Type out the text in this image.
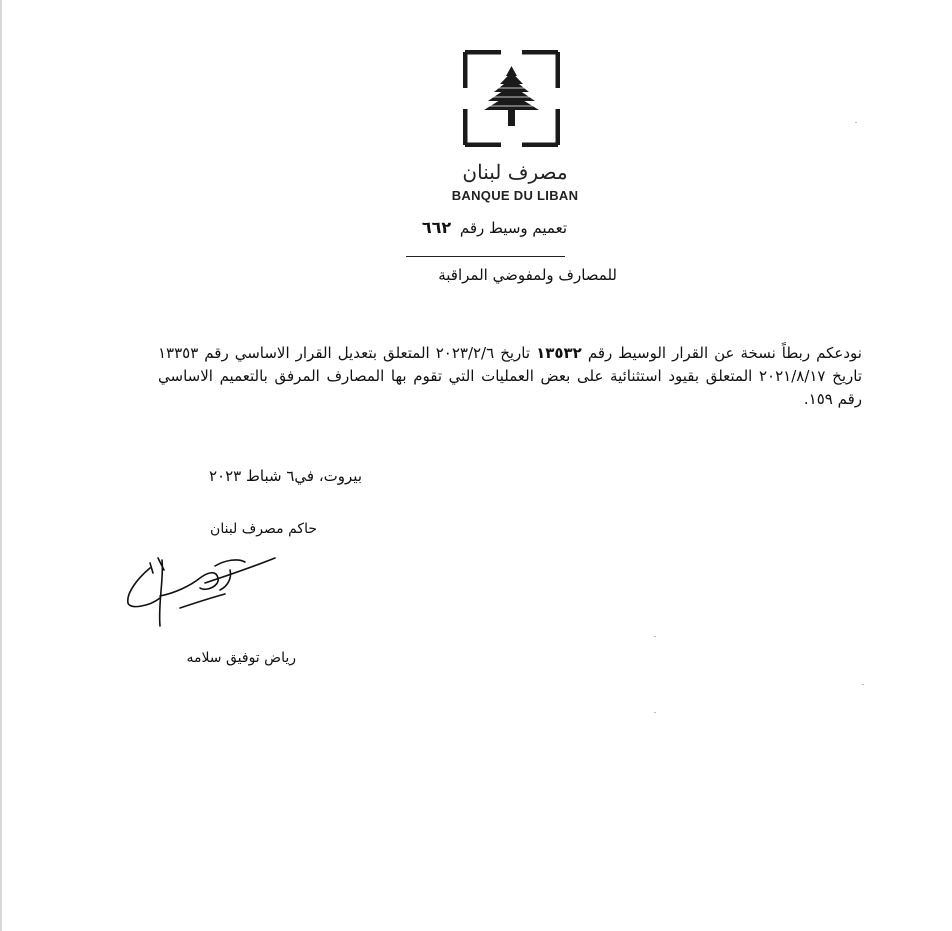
مصرف لبنان
BANQUE DU LIBAN
تعميم وسيط رقم ٦٦٢
للمصارف ولمفوضي المراقبة
نودعكم ربطاً نسخة عن القرار الوسيط رقم ١٣٥٣٢ تاريخ ٢٠٢٣/٢/٦ المتعلق بتعديل القرار الاساسي رقم ١٣٣٥٣ تاريخ ٢٠٢١/٨/١٧ المتعلق بقيود استثنائية على بعض العمليات التي تقوم بها المصارف المرفق بالتعميم الاساسي رقم ١٥٩.
بيروت، في٦ شباط ٢٠٢٣
حاكم مصرف لبنان
رياض توفيق سلامه
